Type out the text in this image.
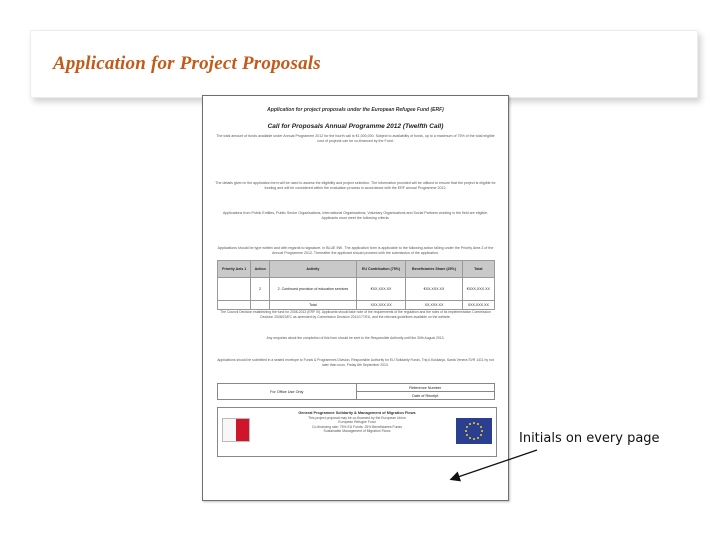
Application for Project Proposals
Application for project proposals under the European Refugee Fund (ERF)
Call for Proposals Annual Programme 2012 (Twelfth Call)
The total amount of funds available under Annual Programme 2012 for the fourth call is €1,000,000. Subject to availability of funds, up to a maximum of 75% of the total eligible cost of projects can be co-financed by the Fund.
The details given in the application form will be used to assess the eligibility and project selection. The information provided will be utilised to ensure that the project is eligible for funding and will be considered within the evaluation process in accordance with the ERF annual Programme 2012.
Applications from Public Entities, Public Sector Organisations, International Organisations, Voluntary Organisations and Social Partners working in the field are eligible. Applicants must meet the following criteria.
Applications should be type written and with regards to signature, in BLUE INK. The application form is applicable to the following action falling under the Priority Area 3 of the Annual Programme 2012. Thereafter the applicant should proceed with the submission of the application.
Priority Axis 1	Action	Activity	EU Contribution (75%)	Beneficiaries Share (25%)	Total
	2	2. Continued provision of education services	€XX,XXX.XX	€XX,XXX.XX	€XXX,XXX.XX
		Total	XXX,XXX.XX	XX,XXX.XX	XXX,XXX.XX
The Council Decision establishing the fund for 2008-2013 (ERF III). Applicants should take note of the requirements of the regulation and the rules of its implementation Commission Decision 2008/22/EC as amended by Commission Decision 2011/177/EU, and the relevant guidelines available on the website.
Any enquiries about the completion of this form should be sent to the Responsible Authority until the 30th August 2013.
Applications should be submitted in a sealed envelope to Funds & Programmes Division, Responsible Authority for EU Solidarity Funds, Triq il-Kukkanja, Santa Venera SVR 1411 by not later than noon, Friday 6th September 2013.
For Office Use Only	Reference Number
Date of Receipt
General Programme Solidarity & Management of Migration Flows
This project proposal may be co-financed by the European Union
European Refugee Fund
Co-financing rate: 75% EU Funds; 25% Beneficiaries Funds
Sustainable Management of Migration Flows	Initials on every page
